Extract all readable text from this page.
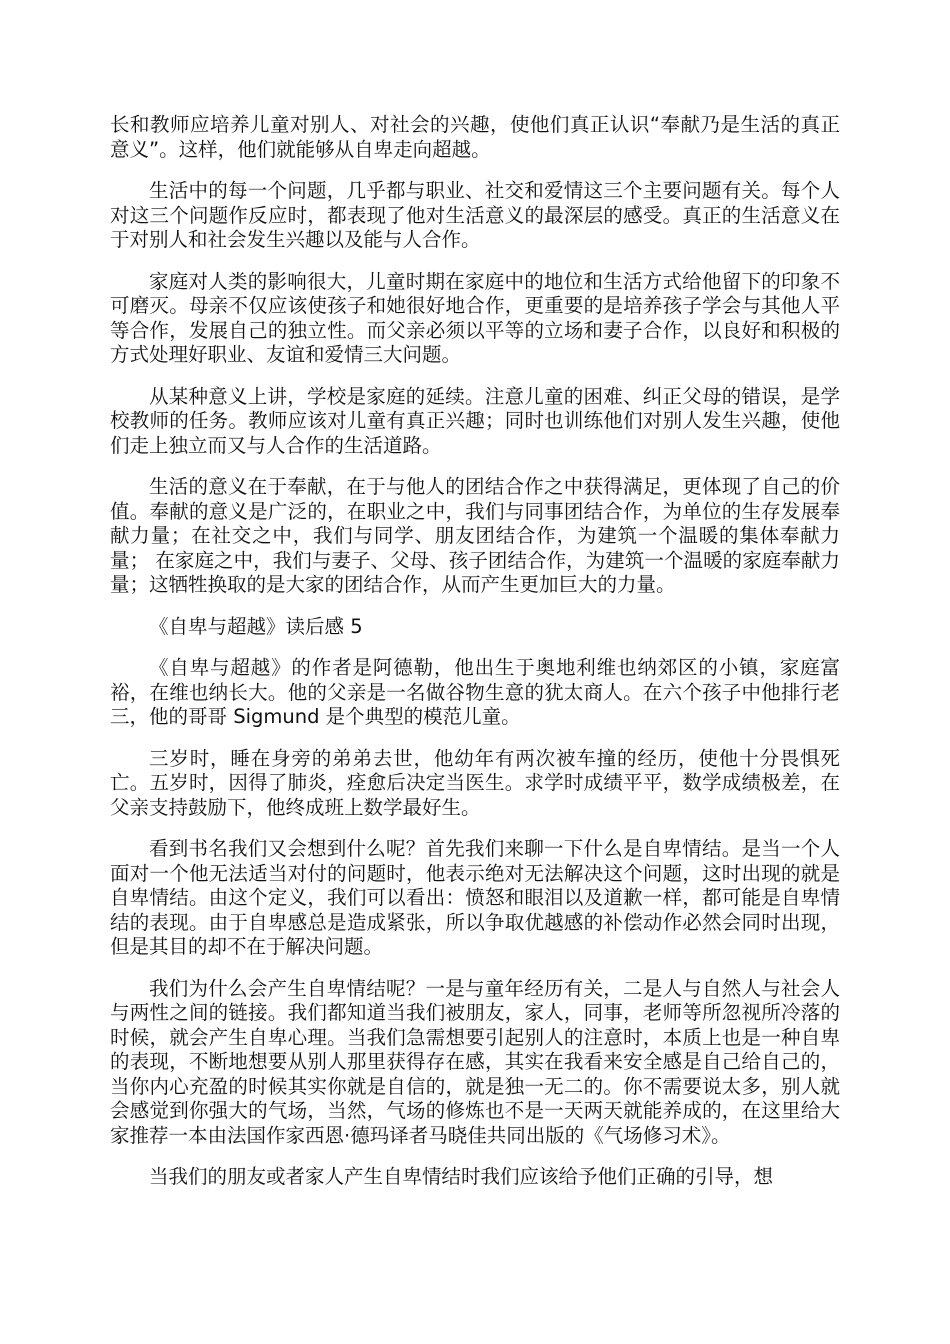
长和教师应培养儿童对别人、对社会的兴趣，使他们真正认识“奉献乃是生活的真正意义”。这样，他们就能够从自卑走向超越。

生活中的每一个问题，几乎都与职业、社交和爱情这三个主要问题有关。每个人对这三个问题作反应时，都表现了他对生活意义的最深层的感受。真正的生活意义在于对别人和社会发生兴趣以及能与人合作。

家庭对人类的影响很大，儿童时期在家庭中的地位和生活方式给他留下的印象不可磨灭。母亲不仅应该使孩子和她很好地合作，更重要的是培养孩子学会与其他人平等合作，发展自己的独立性。而父亲必须以平等的立场和妻子合作，以良好和积极的方式处理好职业、友谊和爱情三大问题。

从某种意义上讲，学校是家庭的延续。注意儿童的困难、纠正父母的错误，是学校教师的任务。教师应该对儿童有真正兴趣；同时也训练他们对别人发生兴趣，使他们走上独立而又与人合作的生活道路。

生活的意义在于奉献，在于与他人的团结合作之中获得满足，更体现了自己的价值。奉献的意义是广泛的，在职业之中，我们与同事团结合作，为单位的生存发展奉献力量；在社交之中，我们与同学、朋友团结合作，为建筑一个温暖的集体奉献力量； 在家庭之中，我们与妻子、父母、孩子团结合作，为建筑一个温暖的家庭奉献力量；这牺牲换取的是大家的团结合作，从而产生更加巨大的力量。

《自卑与超越》读后感 5

《自卑与超越》的作者是阿德勒，他出生于奥地利维也纳郊区的小镇，家庭富裕，在维也纳长大。他的父亲是一名做谷物生意的犹太商人。在六个孩子中他排行老三，他的哥哥 Sigmund 是个典型的模范儿童。

三岁时，睡在身旁的弟弟去世，他幼年有两次被车撞的经历，使他十分畏惧死亡。五岁时，因得了肺炎，痊愈后决定当医生。求学时成绩平平，数学成绩极差，在父亲支持鼓励下，他终成班上数学最好生。

看到书名我们又会想到什么呢？首先我们来聊一下什么是自卑情结。是当一个人面对一个他无法适当对付的问题时，他表示绝对无法解决这个问题，这时出现的就是自卑情结。由这个定义，我们可以看出：愤怒和眼泪以及道歉一样，都可能是自卑情结的表现。由于自卑感总是造成紧张，所以争取优越感的补偿动作必然会同时出现，但是其目的却不在于解决问题。

我们为什么会产生自卑情结呢？一是与童年经历有关，二是人与自然人与社会人与两性之间的链接。我们都知道当我们被朋友，家人，同事，老师等所忽视所冷落的时候，就会产生自卑心理。当我们急需想要引起别人的注意时，本质上也是一种自卑的表现，不断地想要从别人那里获得存在感，其实在我看来安全感是自己给自己的，当你内心充盈的时候其实你就是自信的，就是独一无二的。你不需要说太多，别人就会感觉到你强大的气场，当然，气场的修炼也不是一天两天就能养成的，在这里给大家推荐一本由法国作家西恩·德玛译者马晓佳共同出版的《气场修习术》。

当我们的朋友或者家人产生自卑情结时我们应该给予他们正确的引导，想
